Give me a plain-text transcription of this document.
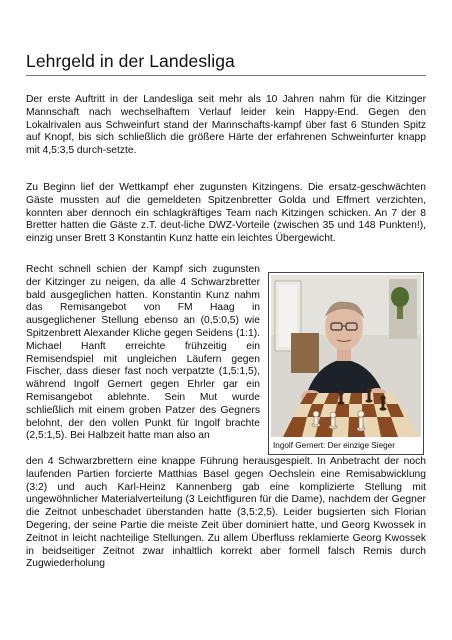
Lehrgeld in der Landesliga

Der erste Auftritt in der Landesliga seit mehr als 10 Jahren nahm für die Kitzinger Mannschaft nach wechselhaftem Verlauf leider kein Happy-End. Gegen den Lokalrivalen aus Schweinfurt stand der Mannschafts-kampf über fast 6 Stunden Spitz auf Knopf, bis sich schließlich die größere Härte der erfahrenen Schweinfurter knapp mit 4,5:3,5 durch-setzte.

Zu Beginn lief der Wettkampf eher zugunsten Kitzingens. Die ersatz-geschwächten Gäste mussten auf die gemeldeten Spitzenbretter Golda und Effmert verzichten, konnten aber dennoch ein schlagkräftiges Team nach Kitzingen schicken. An 7 der 8 Bretter hatten die Gäste z.T. deut-liche DWZ-Vorteile (zwischen 35 und 148 Punkten!), einzig unser Brett 3 Konstantin Kunz hatte ein leichtes Übergewicht.

Recht schnell schien der Kampf sich zugunsten der Kitzinger zu neigen, da alle 4 Schwarzbretter bald ausgeglichen hatten. Konstantin Kunz nahm das Remisangebot von FM Haag in ausgeglichener Stellung ebenso an (0,5:0,5) wie Spitzenbrett Alexander Kliche gegen Seidens (1:1). Michael Hanft erreichte frühzeitig ein Remisendspiel mit ungleichen Läufern gegen Fischer, dass dieser fast noch verpatzte (1,5:1,5), während Ingolf Gernert gegen Ehrler gar ein Remisangebot ablehnte. Sein Mut wurde schließlich mit einem groben Patzer des Gegners belohnt, der den vollen Punkt für Ingolf brachte (2,5:1,5). Bei Halbzeit hatte man also an

Ingolf Gernert: Der einzige Sieger

den 4 Schwarzbrettern eine knappe Führung herausgespielt. In Anbetracht der noch laufenden Partien forcierte Matthias Basel gegen Oechslein eine Remisabwicklung (3:2) und auch Karl-Heinz Kannenberg gab eine komplizierte Stellung mit ungewöhnlicher Materialverteilung (3 Leichtfiguren für die Dame), nachdem der Gegner die Zeitnot unbeschadet überstanden hatte (3,5:2,5). Leider bugsierten sich Florian Degering, der seine Partie die meiste Zeit über dominiert hatte, und Georg Kwossek in Zeitnot in leicht nachteilige Stellungen. Zu allem Überfluss reklamierte Georg Kwossek in beidseitiger Zeitnot zwar inhaltlich korrekt aber formell falsch Remis durch Zugwiederholung
